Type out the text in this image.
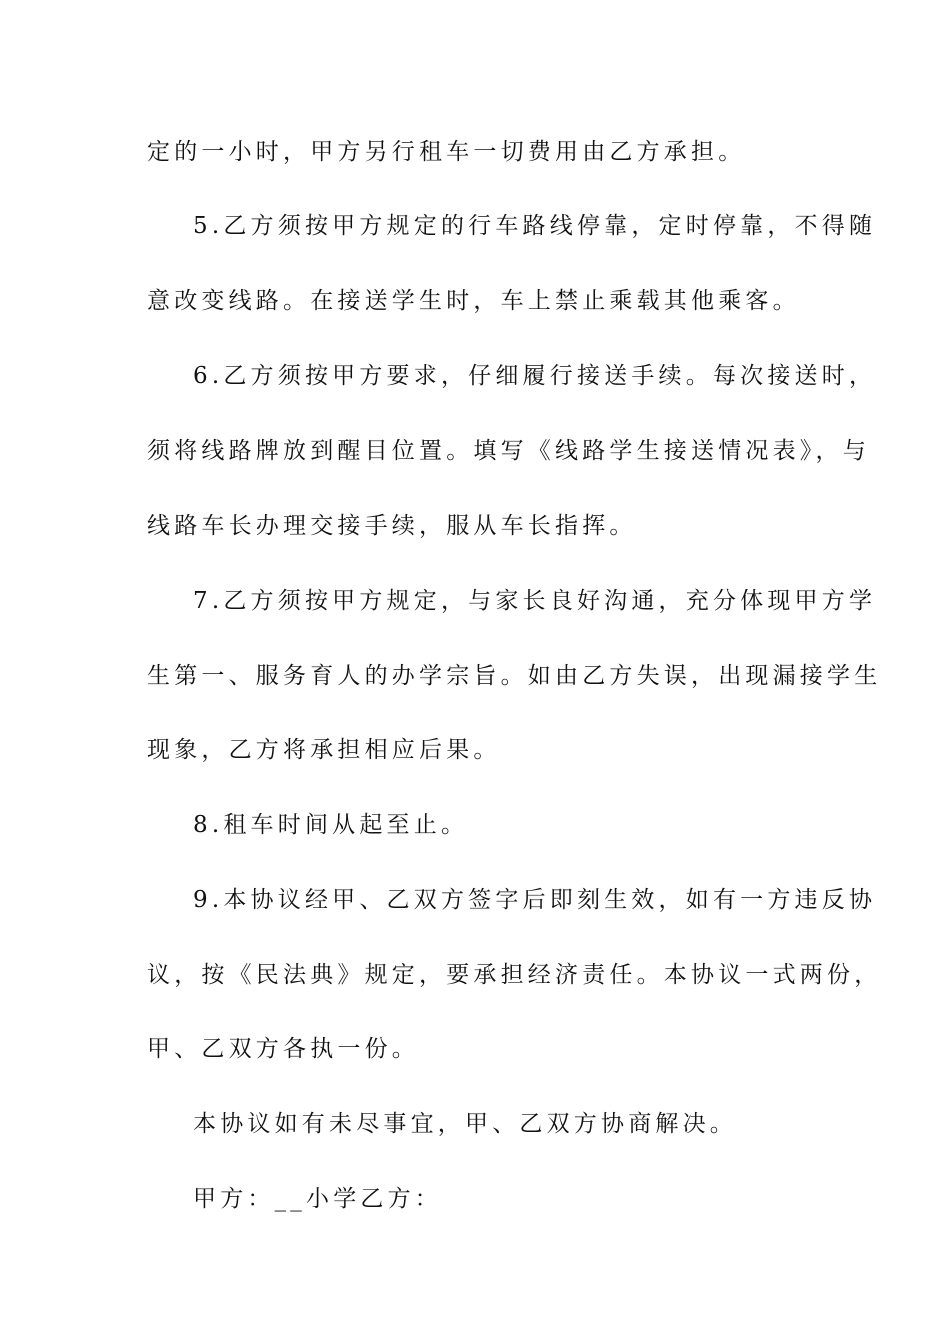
定的一小时，甲方另行租车一切费用由乙方承担。
5.乙方须按甲方规定的行车路线停靠，定时停靠，不得随
意改变线路。在接送学生时，车上禁止乘载其他乘客。
6.乙方须按甲方要求，仔细履行接送手续。每次接送时，
须将线路牌放到醒目位置。填写《线路学生接送情况表》，与
线路车长办理交接手续，服从车长指挥。
7.乙方须按甲方规定，与家长良好沟通，充分体现甲方学
生第一、服务育人的办学宗旨。如由乙方失误，出现漏接学生
现象，乙方将承担相应后果。
8.租车时间从起至止。
9.本协议经甲、乙双方签字后即刻生效，如有一方违反协
议，按《民法典》规定，要承担经济责任。本协议一式两份，
甲、乙双方各执一份。
本协议如有未尽事宜，甲、乙双方协商解决。
甲方：__小学乙方：
